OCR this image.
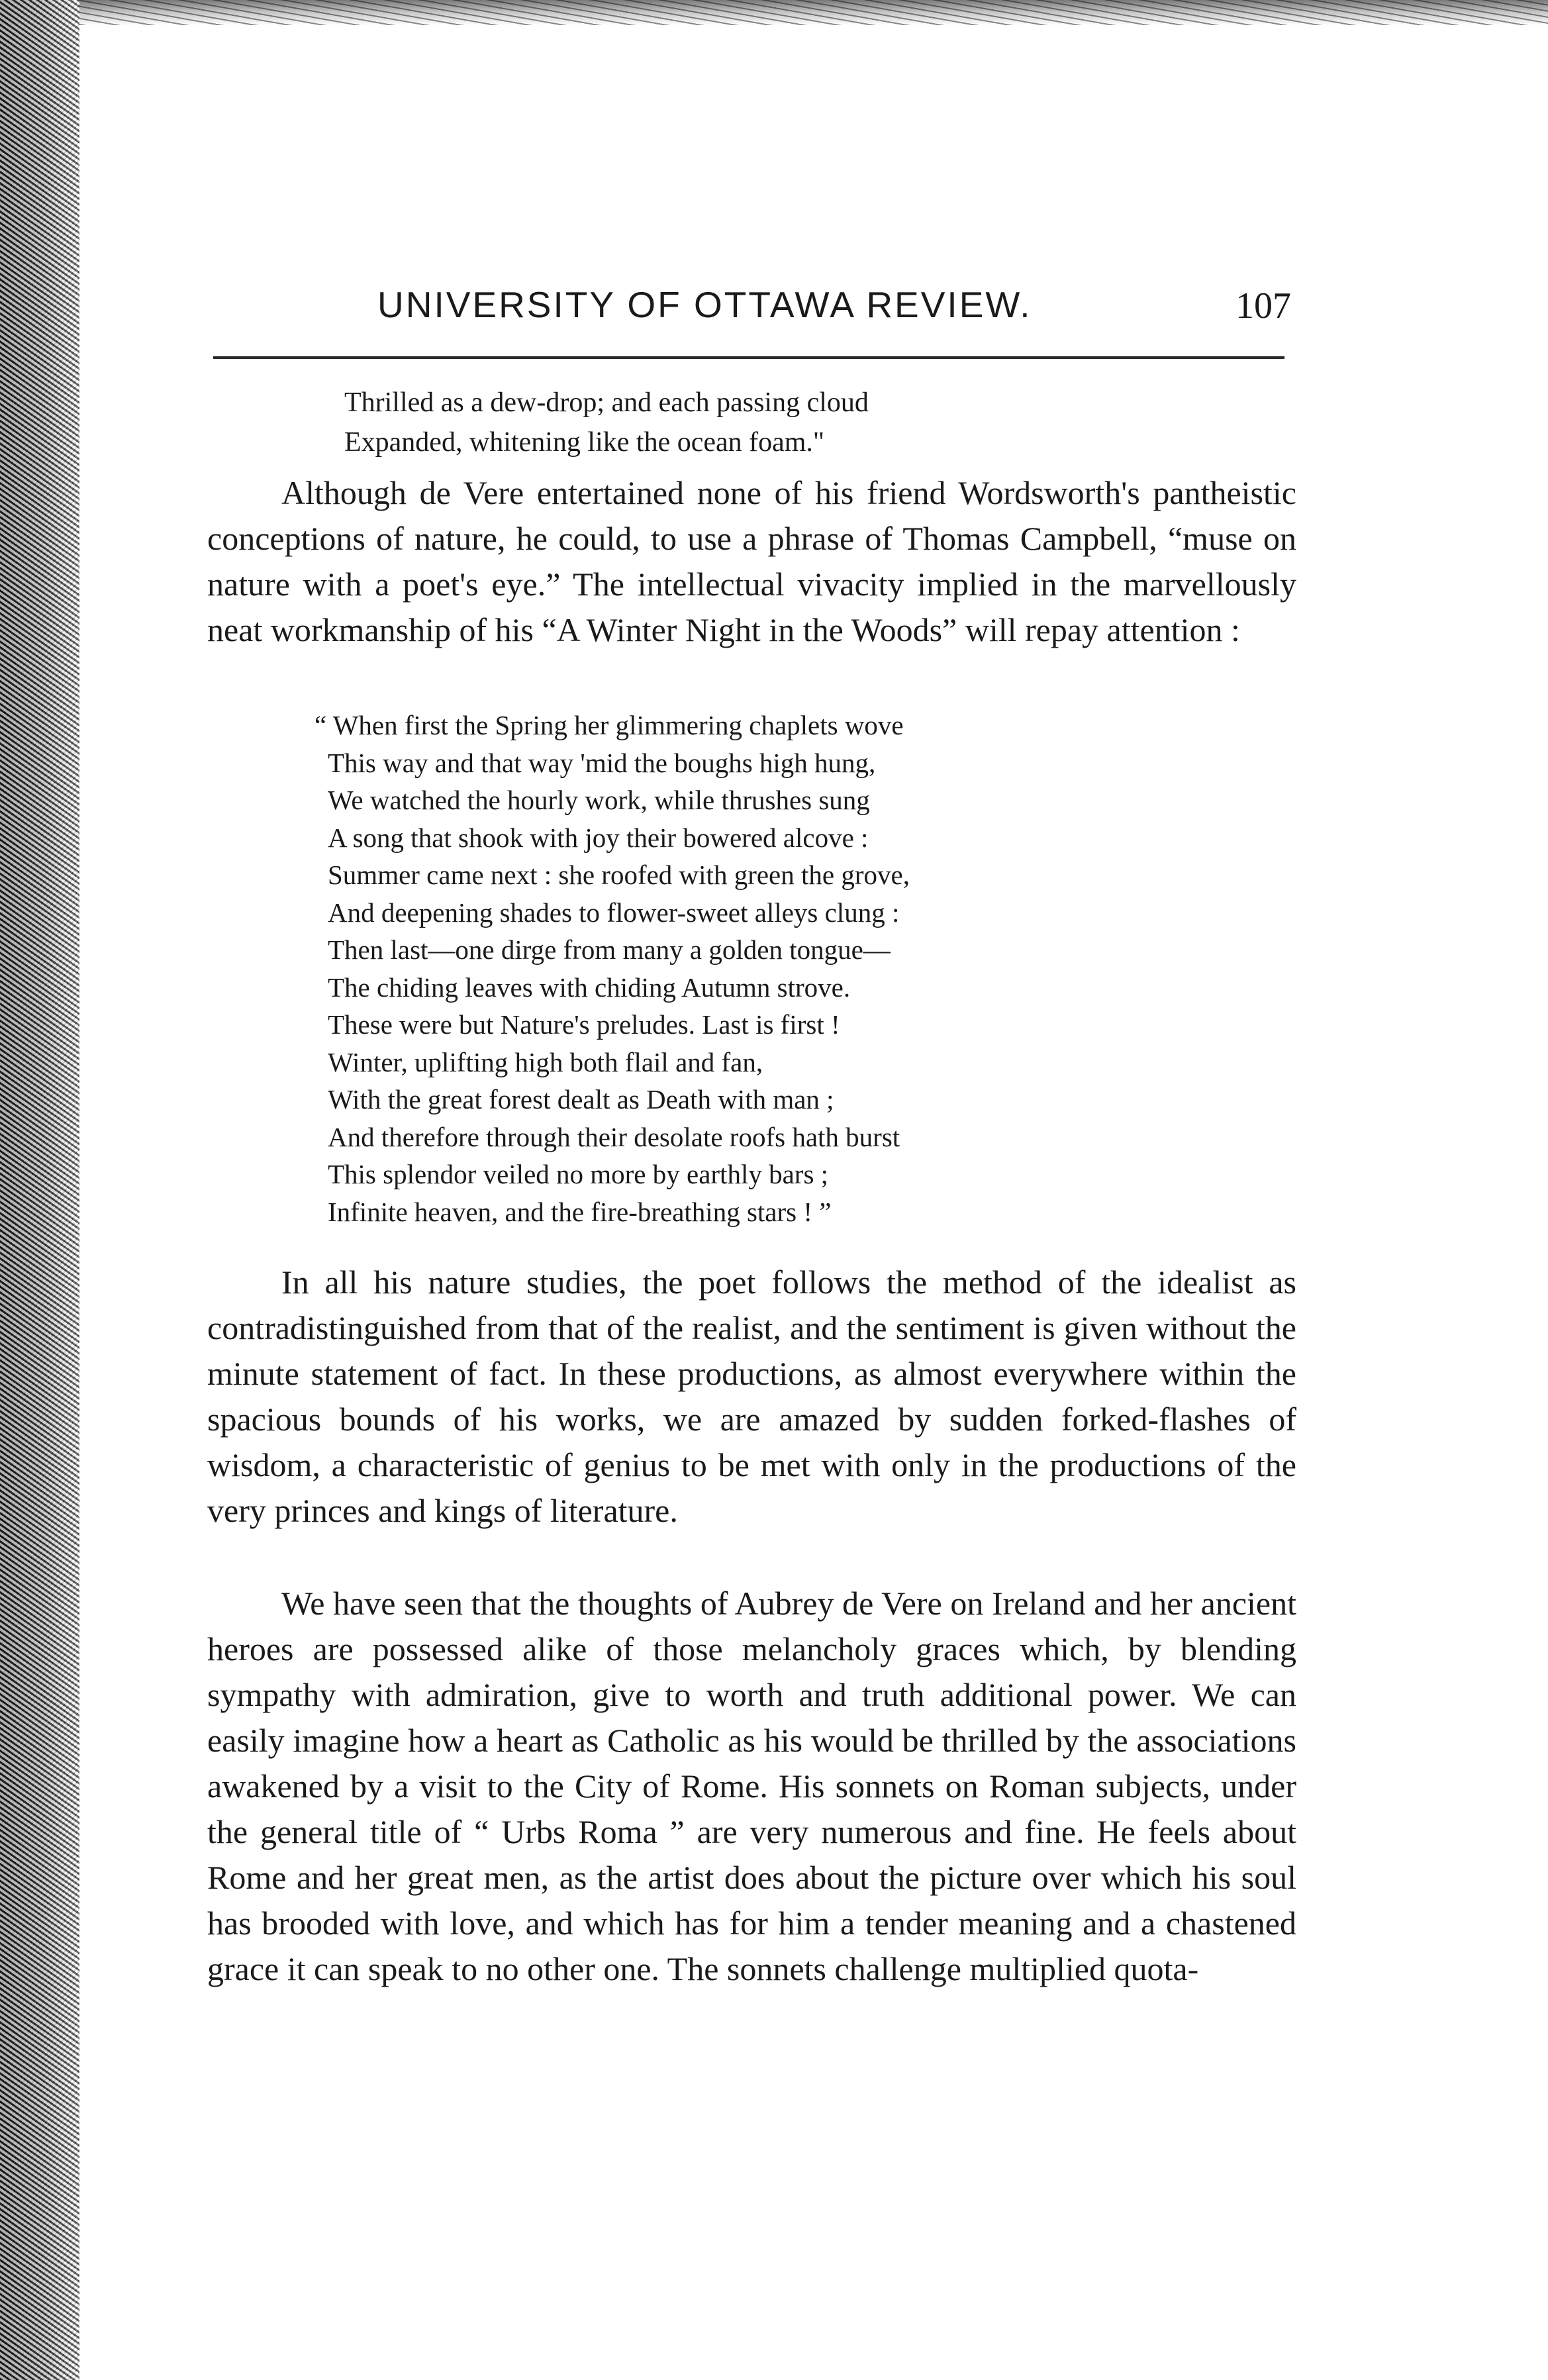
UNIVERSITY OF OTTAWA REVIEW.	107
Thrilled as a dew-drop; and each passing cloud
Expanded, whitening like the ocean foam."

Although de Vere entertained none of his friend Wordsworth's pantheistic conceptions of nature, he could, to use a phrase of Thomas Campbell, “muse on nature with a poet's eye.” The intellectual vivacity implied in the marvellously neat workmanship of his “A Winter Night in the Woods” will repay attention :

“ When first the Spring her glimmering chaplets wove
This way and that way 'mid the boughs high hung,
We watched the hourly work, while thrushes sung
A song that shook with joy their bowered alcove :
Summer came next : she roofed with green the grove,
And deepening shades to flower-sweet alleys clung :
Then last—one dirge from many a golden tongue—
The chiding leaves with chiding Autumn strove.
These were but Nature's preludes. Last is first !
Winter, uplifting high both flail and fan,
With the great forest dealt as Death with man ;
And therefore through their desolate roofs hath burst
This splendor veiled no more by earthly bars ;
Infinite heaven, and the fire-breathing stars ! ”

In all his nature studies, the poet follows the method of the idealist as contradistinguished from that of the realist, and the sentiment is given without the minute statement of fact. In these productions, as almost everywhere within the spacious bounds of his works, we are amazed by sudden forked-flashes of wisdom, a characteristic of genius to be met with only in the productions of the very princes and kings of literature.

We have seen that the thoughts of Aubrey de Vere on Ireland and her ancient heroes are possessed alike of those melancholy graces which, by blending sympathy with admiration, give to worth and truth additional power. We can easily imagine how a heart as Catholic as his would be thrilled by the associations awakened by a visit to the City of Rome. His sonnets on Roman subjects, under the general title of “ Urbs Roma ” are very numerous and fine. He feels about Rome and her great men, as the artist does about the picture over which his soul has brooded with love, and which has for him a tender meaning and a chastened grace it can speak to no other one. The sonnets challenge multiplied quota-
